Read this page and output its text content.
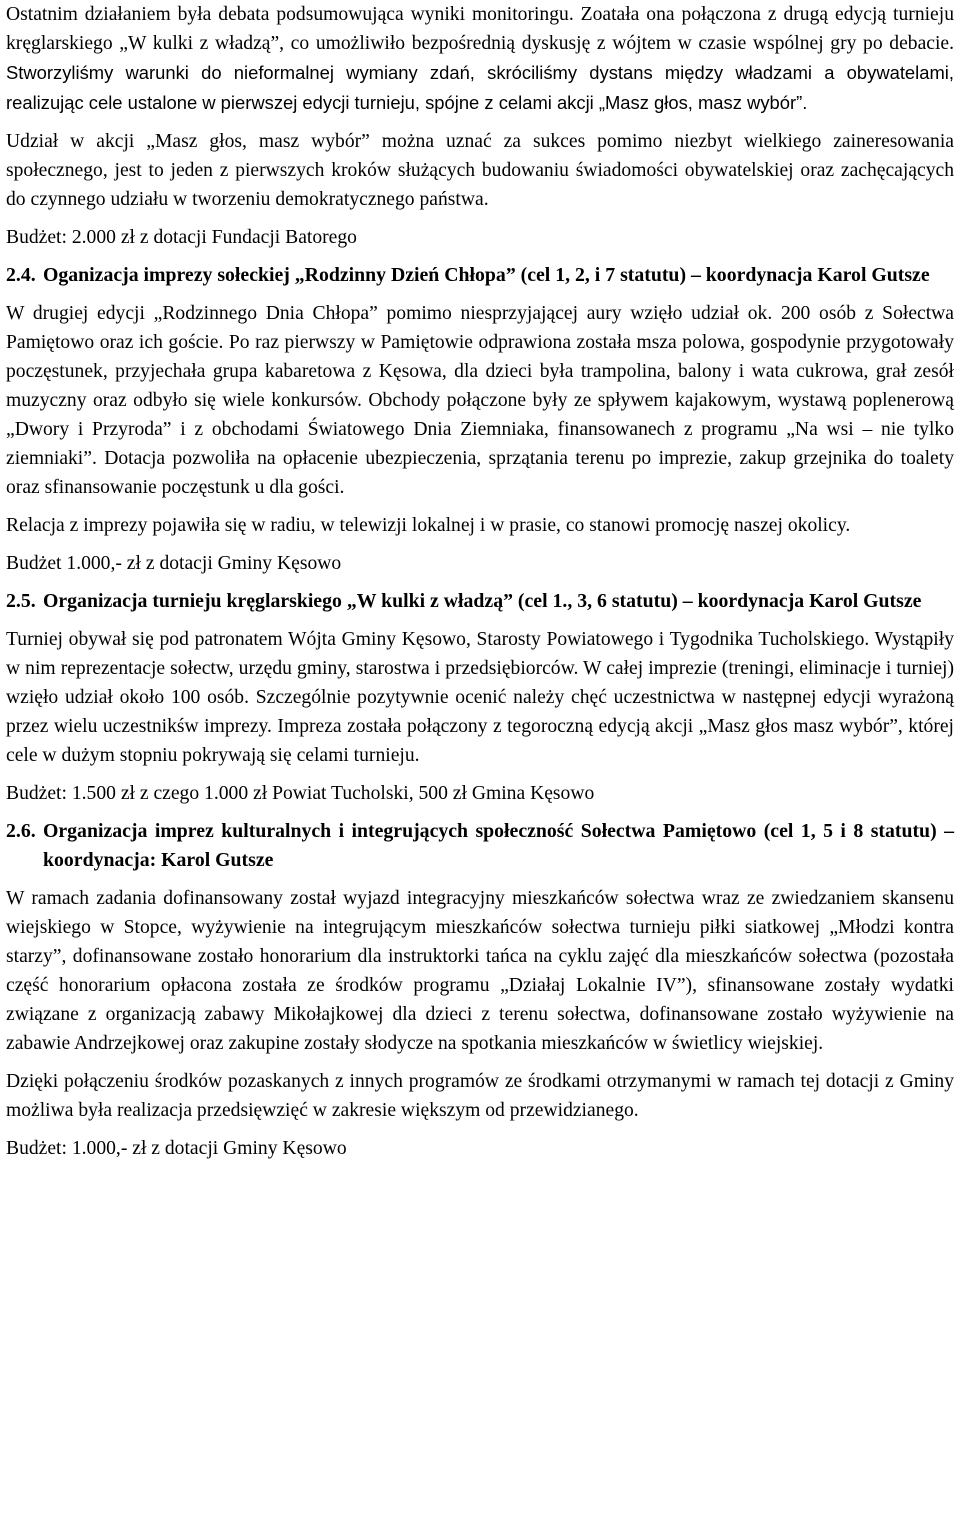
Ostatnim działaniem była debata podsumowująca wyniki monitoringu. Zoatała ona połączona z drugą edycją turnieju kręglarskiego „W kulki z władzą”, co umożliwiło bezpośrednią dyskusję z wójtem w czasie wspólnej gry po debacie. Stworzyliśmy warunki do nieformalnej wymiany zdań, skróciliśmy dystans między władzami a obywatelami, realizując cele ustalone w pierwszej edycji turnieju, spójne z celami akcji „Masz głos, masz wybór”.

Udział w akcji „Masz głos, masz wybór” można uznać za sukces pomimo niezbyt wielkiego zaineresowania społecznego, jest to jeden z pierwszych kroków służących budowaniu świadomości obywatelskiej oraz zachęcających do czynnego udziału w tworzeniu demokratycznego państwa.

Budżet: 2.000 zł z dotacji Fundacji Batorego

2.4. Oganizacja imprezy sołeckiej „Rodzinny Dzień Chłopa” (cel 1, 2, i 7 statutu) – koordynacja Karol Gutsze

W drugiej edycji „Rodzinnego Dnia Chłopa” pomimo niesprzyjającej aury wzięło udział ok. 200 osób z Sołectwa Pamiętowo oraz ich goście. Po raz pierwszy w Pamiętowie odprawiona została msza polowa, gospodynie przygotowały poczęstunek, przyjechała grupa kabaretowa z Kęsowa, dla dzieci była trampolina, balony i wata cukrowa, grał zesół muzyczny oraz odbyło się wiele konkursów. Obchody połączone były ze spływem kajakowym, wystawą poplenerową „Dwory i Przyroda” i z obchodami Światowego Dnia Ziemniaka, finansowanech z programu „Na wsi – nie tylko ziemniaki”. Dotacja pozwoliła na opłacenie ubezpieczenia, sprzątania terenu po imprezie, zakup grzejnika do toalety oraz sfinansowanie poczęstunk u dla gości.

Relacja z imprezy pojawiła się w radiu, w telewizji lokalnej i w prasie, co stanowi promocję naszej okolicy.

Budżet 1.000,- zł z dotacji Gminy Kęsowo

2.5. Organizacja turnieju kręglarskiego „W kulki z władzą” (cel 1., 3, 6 statutu) – koordynacja Karol Gutsze

Turniej obywał się pod patronatem Wójta Gminy Kęsowo, Starosty Powiatowego i Tygodnika Tucholskiego. Wystąpiły w nim reprezentacje sołectw, urzędu gminy, starostwa i przedsiębiorców. W całej imprezie (treningi, eliminacje i turniej) wzięło udział około 100 osób. Szczególnie pozytywnie ocenić należy chęć uczestnictwa w następnej edycji wyrażoną przez wielu uczestnikśw imprezy. Impreza została połączony z tegoroczną edycją akcji „Masz głos masz wybór”, której cele w dużym stopniu pokrywają się celami turnieju.

Budżet: 1.500 zł z czego 1.000 zł Powiat Tucholski, 500 zł Gmina Kęsowo

2.6. Organizacja imprez kulturalnych i integrujących społeczność Sołectwa Pamiętowo (cel 1, 5 i 8 statutu) – koordynacja: Karol Gutsze

W ramach zadania dofinansowany został wyjazd integracyjny mieszkańców sołectwa wraz ze zwiedzaniem skansenu wiejskiego w Stopce, wyżywienie na integrującym mieszkańców sołectwa turnieju piłki siatkowej „Młodzi kontra starzy”, dofinansowane zostało honorarium dla instruktorki tańca na cyklu zajęć dla mieszkańców sołectwa (pozostała część honorarium opłacona została ze środków programu „Działaj Lokalnie IV”), sfinansowane zostały wydatki związane z organizacją zabawy Mikołajkowej dla dzieci z terenu sołectwa, dofinansowane zostało wyżywienie na zabawie Andrzejkowej oraz zakupine zostały słodycze na spotkania mieszkańców w świetlicy wiejskiej.

Dzięki połączeniu środków pozaskanych z innych programów ze środkami otrzymanymi w ramach tej dotacji z Gminy możliwa była realizacja przedsięwzięć w zakresie większym od przewidzianego.

Budżet: 1.000,- zł z dotacji Gminy Kęsowo
